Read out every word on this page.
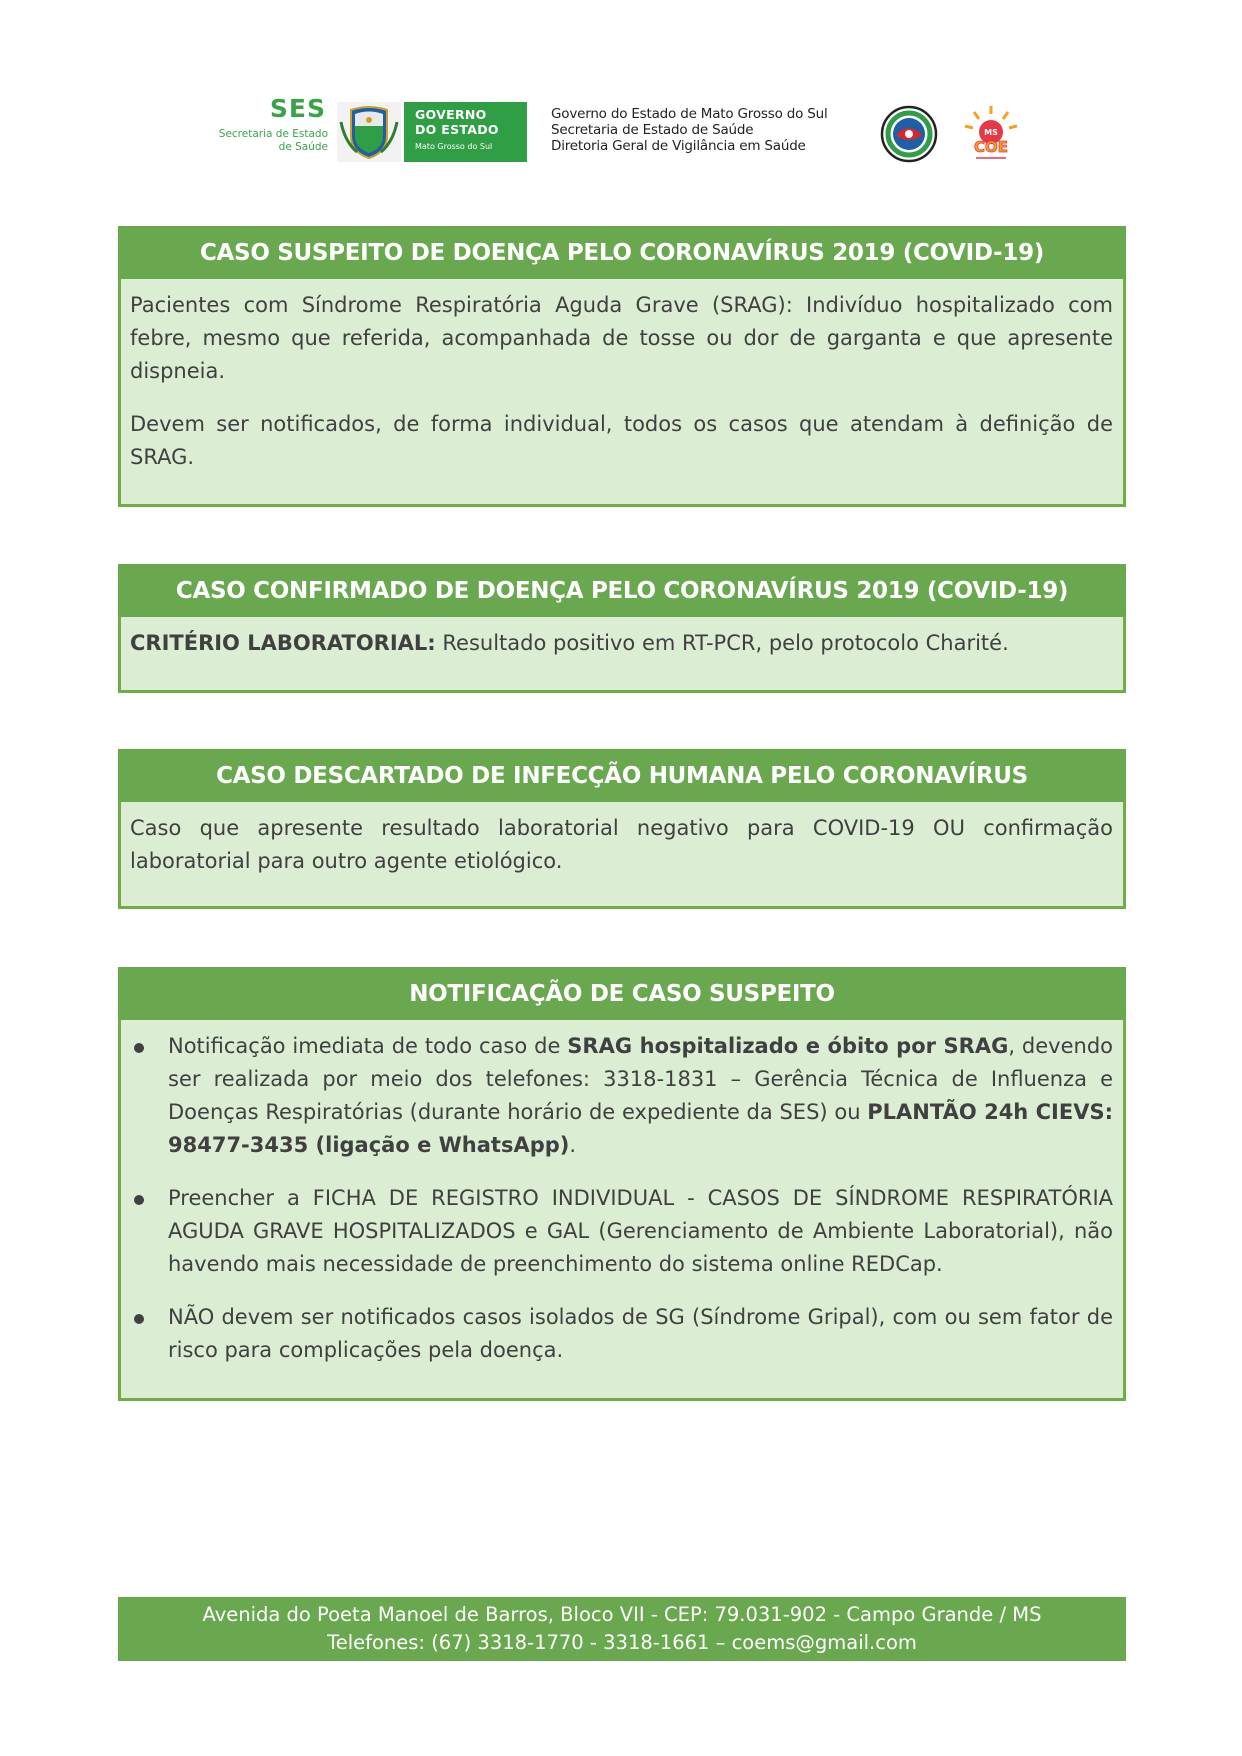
SES
Secretaria de Estado
de Saúde
GOVERNO
DO ESTADO
Mato Grosso do Sul
Governo do Estado de Mato Grosso do Sul
Secretaria de Estado de Saúde
Diretoria Geral de Vigilância em Saúde
MS
COE
CASO SUSPEITO DE DOENÇA PELO CORONAVÍRUS 2019 (COVID-19)

Pacientes com Síndrome Respiratória Aguda Grave (SRAG): Indivíduo hospitalizado com febre, mesmo que referida, acompanhada de tosse ou dor de garganta e que apresente dispneia.

Devem ser notificados, de forma individual, todos os casos que atendam à definição de SRAG.

CASO CONFIRMADO DE DOENÇA PELO CORONAVÍRUS 2019 (COVID-19)

CRITÉRIO LABORATORIAL: Resultado positivo em RT-PCR, pelo protocolo Charité.

CASO DESCARTADO DE INFECÇÃO HUMANA PELO CORONAVÍRUS

Caso que apresente resultado laboratorial negativo para COVID-19 OU confirmação laboratorial para outro agente etiológico.

NOTIFICAÇÃO DE CASO SUSPEITO
Notificação imediata de todo caso de SRAG hospitalizado e óbito por SRAG, devendo ser realizada por meio dos telefones: 3318-1831 – Gerência Técnica de Influenza e Doenças Respiratórias (durante horário de expediente da SES) ou PLANTÃO 24h CIEVS: 98477-3435 (ligação e WhatsApp).
Preencher a FICHA DE REGISTRO INDIVIDUAL - CASOS DE SÍNDROME RESPIRATÓRIA AGUDA GRAVE HOSPITALIZADOS e GAL (Gerenciamento de Ambiente Laboratorial), não havendo mais necessidade de preenchimento do sistema online REDCap.
NÃO devem ser notificados casos isolados de SG (Síndrome Gripal), com ou sem fator de risco para complicações pela doença.
Avenida do Poeta Manoel de Barros, Bloco VII - CEP: 79.031-902 - Campo Grande / MS
Telefones: (67) 3318-1770 - 3318-1661 – coems@gmail.com
